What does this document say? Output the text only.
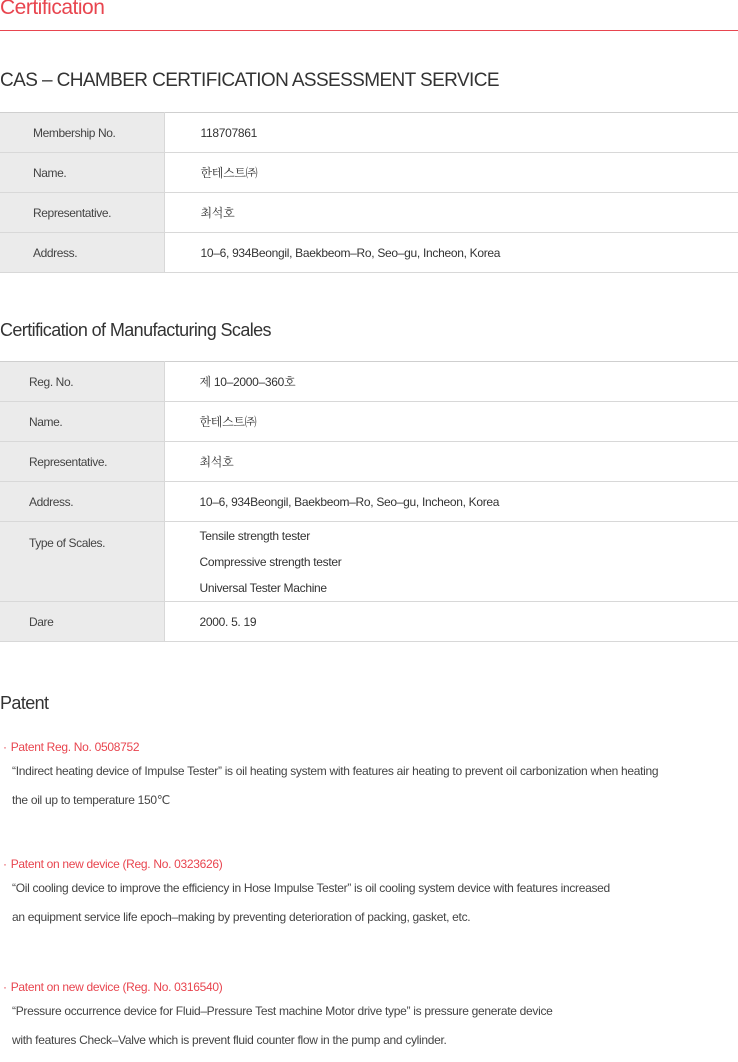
Certification
CAS – CHAMBER CERTIFICATION ASSESSMENT SERVICE
Membership No.	118707861
Name.	한테스트㈜
Representative.	최석호
Address.	10–6, 934Beongil, Baekbeom–Ro, Seo–gu, Incheon, Korea
Certification of Manufacturing Scales
Reg. No.	제 10–2000–360호
Name.	한테스트㈜
Representative.	최석호
Address.	10–6, 934Beongil, Baekbeom–Ro, Seo–gu, Incheon, Korea
Type of Scales.	Tensile strength tester
Compressive strength tester
Universal Tester Machine

Dare	2000. 5. 19
Patent

· Patent Reg. No. 0508752

“Indirect heating device of Impulse Tester” is oil heating system with features air heating to prevent oil carbonization when heating
the oil up to temperature 150℃

· Patent on new device (Reg. No. 0323626)

“Oil cooling device to improve the efficiency in Hose Impulse Tester” is oil cooling system device with features increased
an equipment service life epoch–making by preventing deterioration of packing, gasket, etc.

· Patent on new device (Reg. No. 0316540)

“Pressure occurrence device for Fluid–Pressure Test machine Motor drive type” is pressure generate device
with features Check–Valve which is prevent fluid counter flow in the pump and cylinder.
